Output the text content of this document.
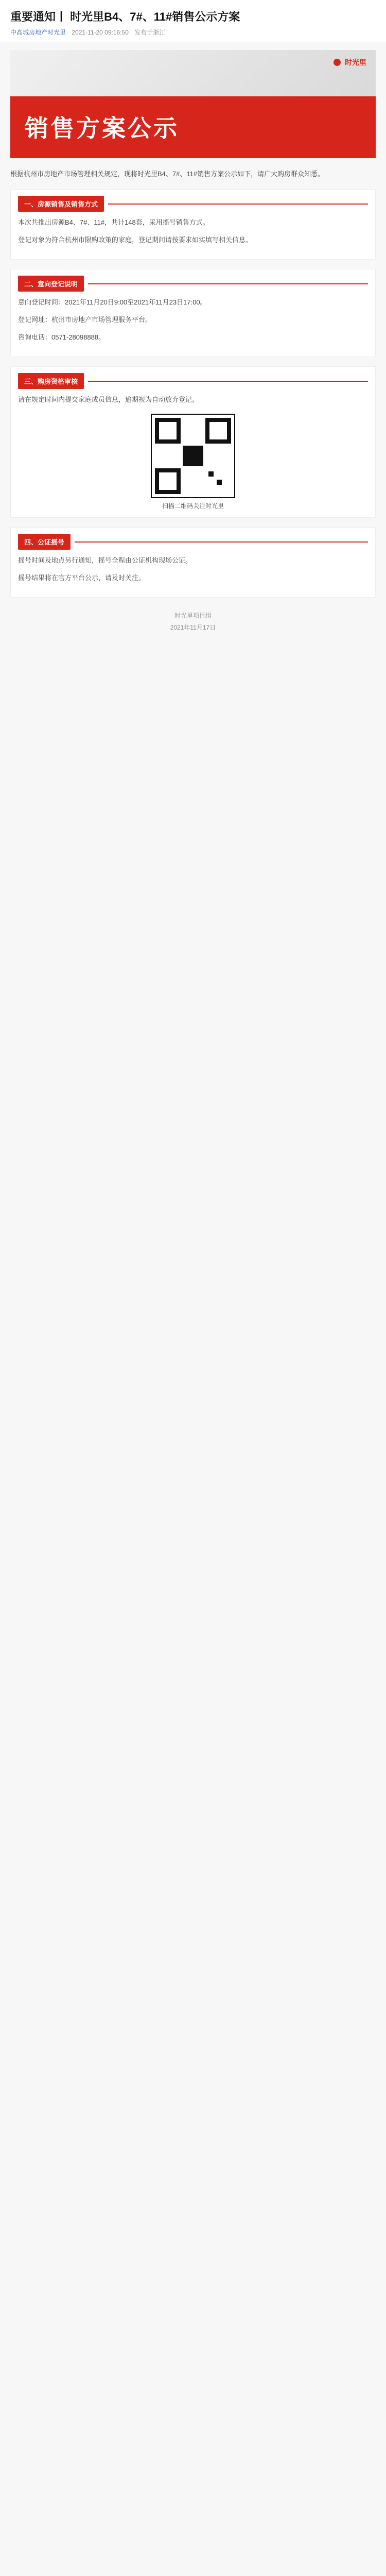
重要通知丨 时光里B4、7#、11#销售公示方案
中高城房地产时光里 2021-11-20 09:16:50 发布于浙江
时光里
销售方案公示

根据杭州市房地产市场管理相关规定，现将时光里B4、7#、11#销售方案公示如下，请广大购房群众知悉。

一、房源销售及销售方式

本次共推出房源B4、7#、11#，共计148套，采用摇号销售方式。

登记对象为符合杭州市限购政策的家庭，登记期间请按要求如实填写相关信息。

二、意向登记说明

意向登记时间：2021年11月20日9:00至2021年11月23日17:00。

登记网址：杭州市房地产市场管理服务平台。

咨询电话：0571-28098888。

三、购房资格审核

请在规定时间内提交家庭成员信息，逾期视为自动放弃登记。

扫描二维码关注时光里
四、公证摇号

摇号时间及地点另行通知，摇号全程由公证机构现场公证。

摇号结果将在官方平台公示，请及时关注。

时光里项目组
2021年11月17日
